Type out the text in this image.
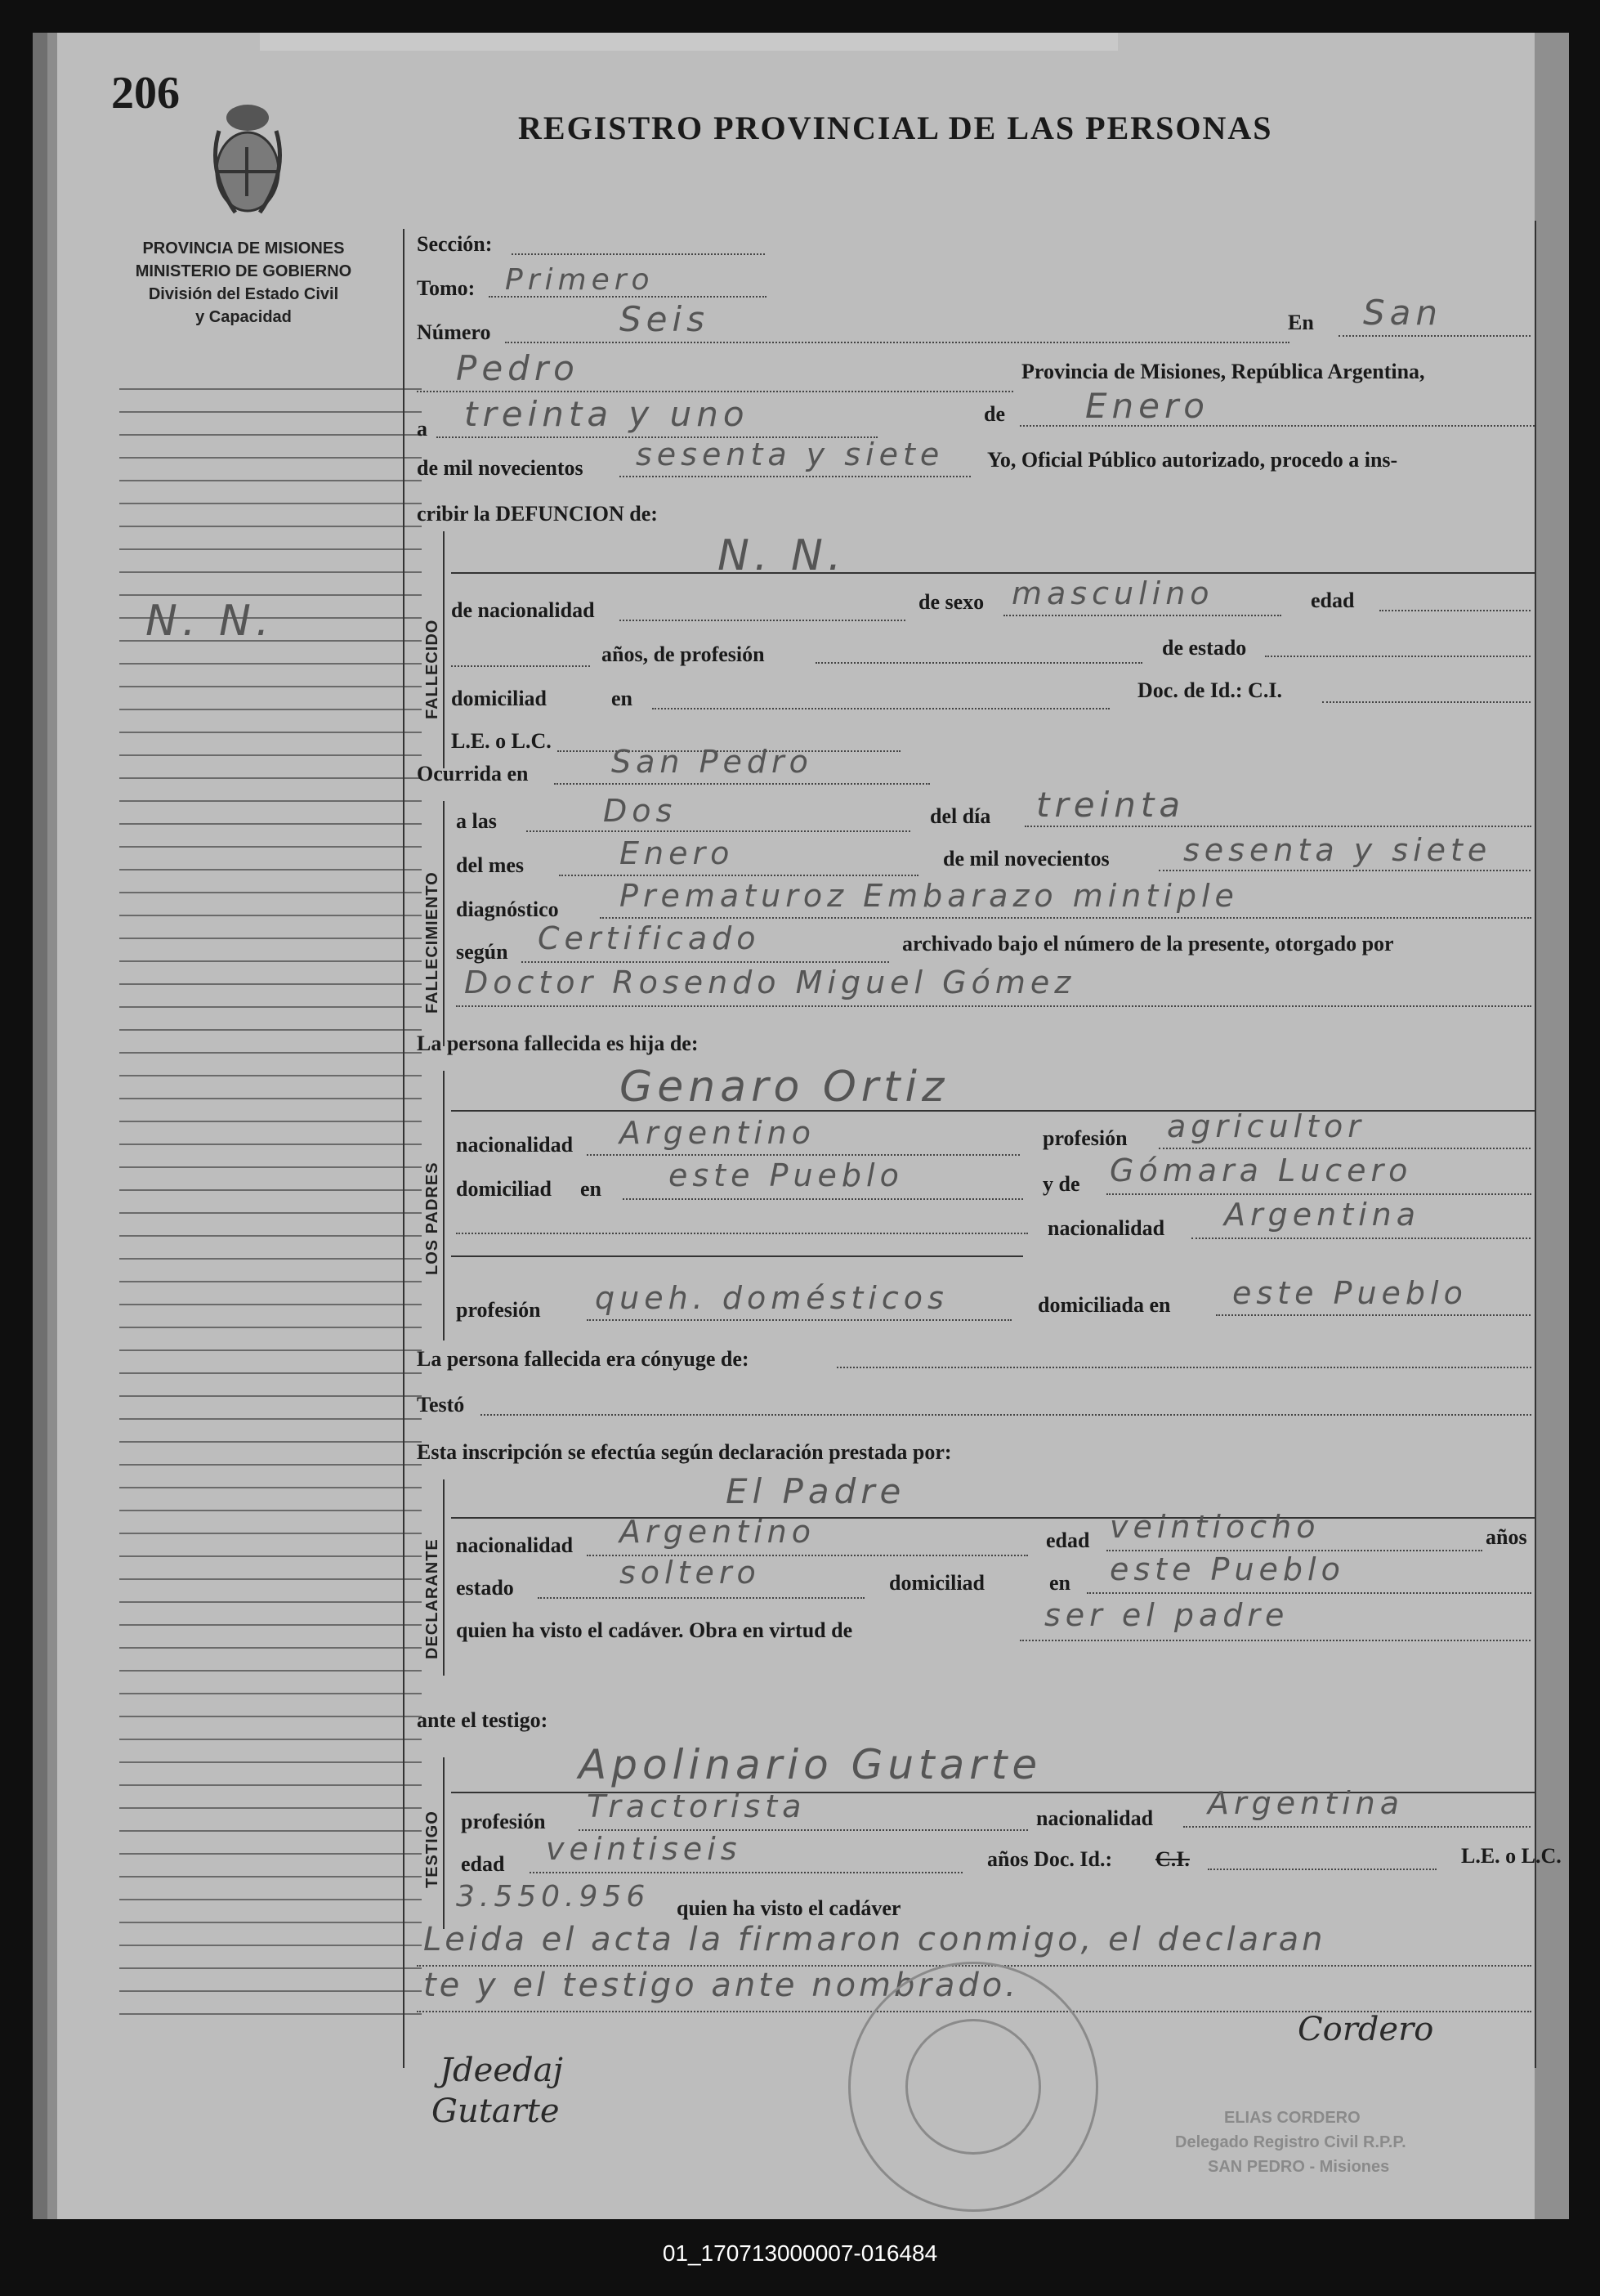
206
PROVINCIA DE MISIONES
MINISTERIO DE GOBIERNO
División del Estado Civil
y Capacidad
REGISTRO PROVINCIAL DE LAS PERSONAS
N. N.
Sección:
Tomo: Primero
Número	Seis	En San
Pedro	Provincia de Misiones, República Argentina,
a treinta y uno	de Enero
de mil novecientos sesenta y siete Yo, Oficial Público autorizado, procedo a ins-
cribir la DEFUNCION de:
FALLECIDO
N. N.
de nacionalidad	de sexo masculino	edad
años, de profesión	de estado
domiciliad	en	Doc. de Id.: C.I.
L.E. o L.C.
Ocurrida en	San Pedro
FALLECIMIENTO
a las	Dos	del día treinta
del mes	Enero	de mil novecientos sesenta y siete
diagnóstico Prematuroz Embarazo mintiple
según Certificado	archivado bajo el número de la presente, otorgado por
Doctor Rosendo Miguel Gómez
La persona fallecida es hija de:
LOS PADRES
Genaro Ortiz
nacionalidad Argentino	profesión agricultor
domiciliad en este Pueblo	y de Gómara Lucero
nacionalidad Argentina
profesión queh. domésticos	domiciliada en este Pueblo
La persona fallecida era cónyuge de:
Testó
Esta inscripción se efectúa según declaración prestada por:
DECLARANTE
El Padre
nacionalidad Argentino	edad veintiocho	años
estado	soltero	domiciliad	en este Pueblo
quien ha visto el cadáver. Obra en virtud de	ser el padre
ante el testigo:
TESTIGO
Apolinario Gutarte
profesión Tractorista	nacionalidad Argentina
edad veintiseis	años Doc. Id.: C.I.	L.E. o L.C.
3.550.956 quien ha visto el cadáver
Leida el acta la firmaron conmigo, el declaran
te y el testigo ante nombrado.
Cordero
Jdeedaj
Gutarte	ELIAS CORDERO
Delegado Registro Civil R.P.P.
SAN PEDRO - Misiones
01_170713000007-016484
